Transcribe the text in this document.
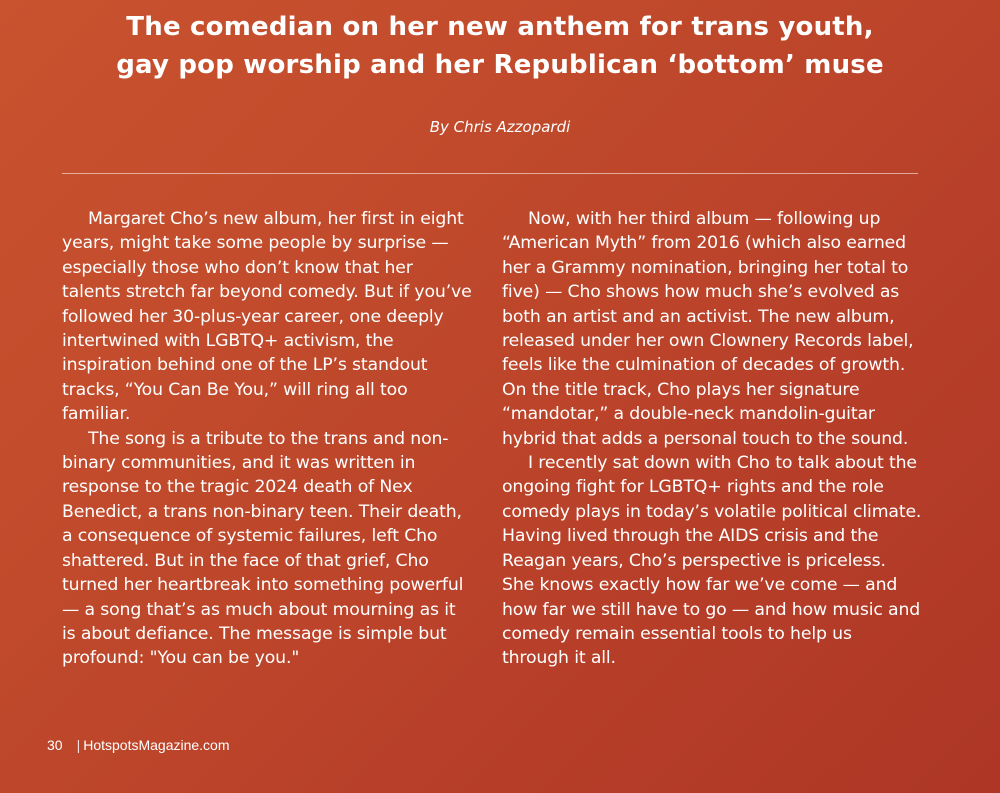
The comedian on her new anthem for trans youth, gay pop worship and her Republican ‘bottom’ muse
By Chris Azzopardi

Margaret Cho’s new album, her first in eight years, might take some people by surprise — especially those who don’t know that her talents stretch far beyond comedy. But if you’ve followed her 30-plus-year career, one deeply intertwined with LGBTQ+ activism, the inspiration behind one of the LP’s standout tracks, “You Can Be You,” will ring all too familiar.

The song is a tribute to the trans and non-binary communities, and it was written in response to the tragic 2024 death of Nex Benedict, a trans non-binary teen. Their death, a consequence of systemic failures, left Cho shattered. But in the face of that grief, Cho turned her heartbreak into something powerful — a song that’s as much about mourning as it is about defiance. The message is simple but profound: "You can be you."

Now, with her third album — following up “American Myth” from 2016 (which also earned her a Grammy nomination, bringing her total to five) — Cho shows how much she’s evolved as both an artist and an activist. The new album, released under her own Clownery Records label, feels like the culmination of decades of growth. On the title track, Cho plays her signature “mandotar,” a double-neck mandolin-guitar hybrid that adds a personal touch to the sound.

I recently sat down with Cho to talk about the ongoing fight for LGBTQ+ rights and the role comedy plays in today’s volatile political climate. Having lived through the AIDS crisis and the Reagan years, Cho’s perspective is priceless. She knows exactly how far we’ve come — and how far we still have to go — and how music and comedy remain essential tools to help us through it all.

30 | HotspotsMagazine.com
